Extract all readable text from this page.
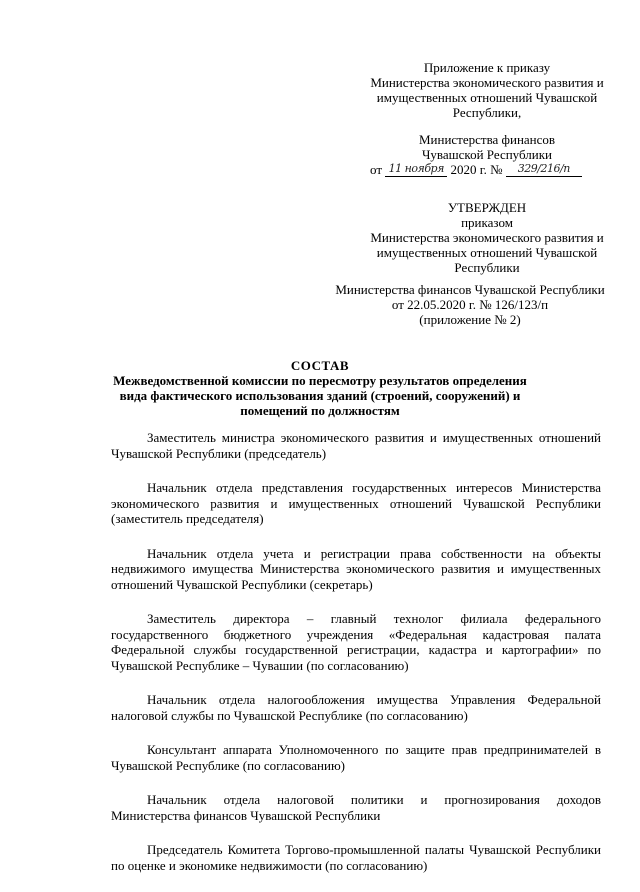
Приложение к приказу
Министерства экономического развития и
имущественных отношений Чувашской
Республики,
Министерства финансов
Чувашской Республики
от 11 ноября 2020 г. № 329/216/п
УТВЕРЖДЕН
приказом
Министерства экономического развития и
имущественных отношений Чувашской
Республики
Министерства финансов Чувашской Республики
от 22.05.2020 г. № 126/123/п
(приложение № 2)
СОСТАВ
Межведомственной комиссии по пересмотру результатов определения вида фактического использования зданий (строений, сооружений) и помещений по должностям

Заместитель министра экономического развития и имущественных отношений Чувашской Республики (председатель)

Начальник отдела представления государственных интересов Министерства экономического развития и имущественных отношений Чувашской Республики (заместитель председателя)

Начальник отдела учета и регистрации права собственности на объекты недвижимого имущества Министерства экономического развития и имущественных отношений Чувашской Республики (секретарь)

Заместитель директора – главный технолог филиала федерального государственного бюджетного учреждения «Федеральная кадастровая палата Федеральной службы государственной регистрации, кадастра и картографии» по Чувашской Республике – Чувашии (по согласованию)

Начальник отдела налогообложения имущества Управления Федеральной налоговой службы по Чувашской Республике (по согласованию)

Консультант аппарата Уполномоченного по защите прав предпринимателей в Чувашской Республике (по согласованию)

Начальник отдела налоговой политики и прогнозирования доходов Министерства финансов Чувашской Республики

Председатель Комитета Торгово-промышленной палаты Чувашской Республики по оценке и экономике недвижимости (по согласованию)
